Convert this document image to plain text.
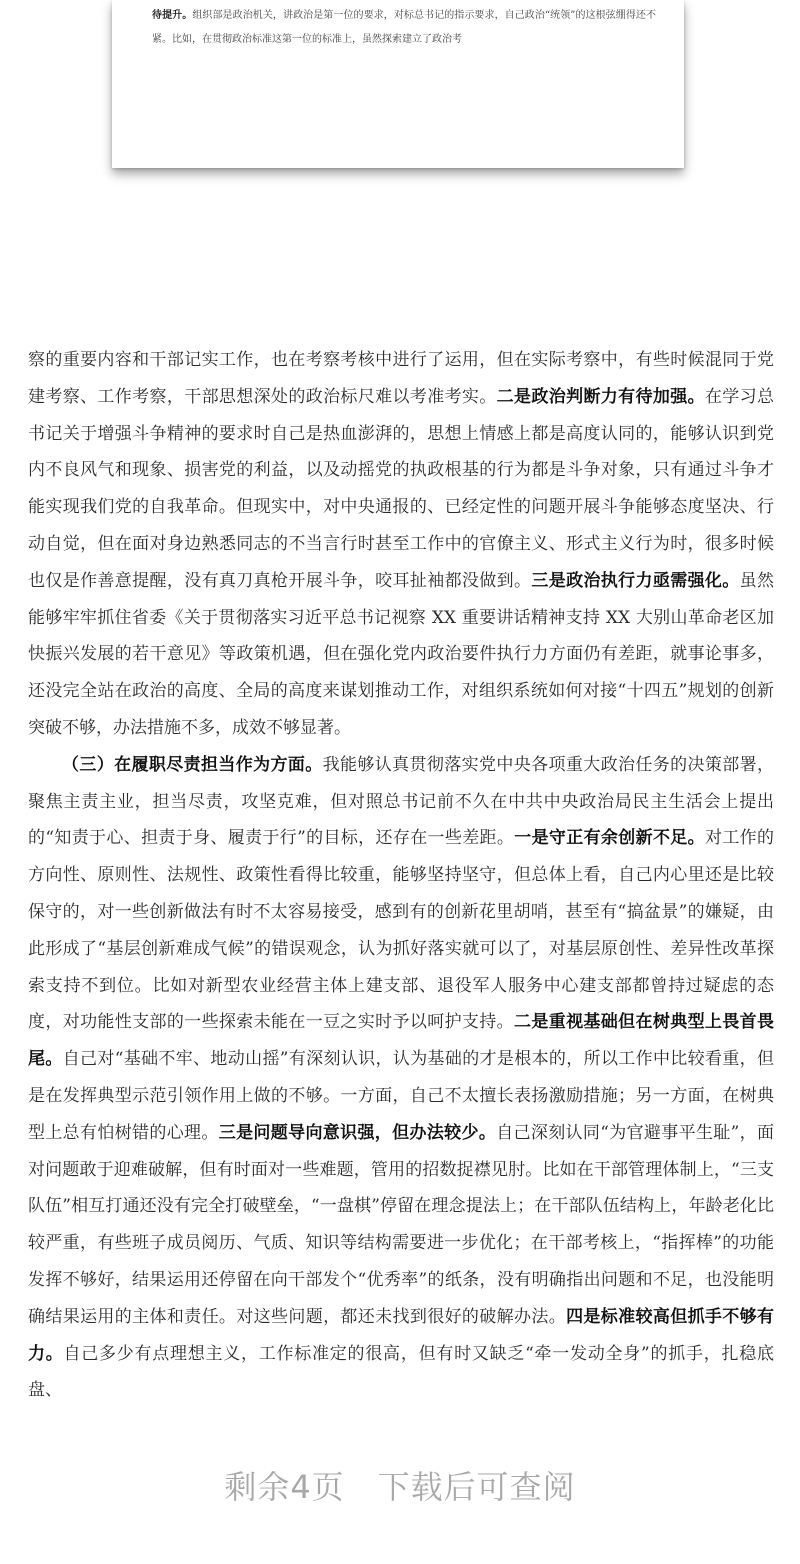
待提升。组织部是政治机关，讲政治是第一位的要求，对标总书记的指示要求，自己政治“统领”的这根弦绷得还不紧。比如，在贯彻政治标准这第一位的标准上，虽然探索建立了政治考

察的重要内容和干部记实工作，也在考察考核中进行了运用，但在实际考察中，有些时候混同于党建考察、工作考察，干部思想深处的政治标尺难以考准考实。二是政治判断力有待加强。在学习总书记关于增强斗争精神的要求时自己是热血澎湃的，思想上情感上都是高度认同的，能够认识到党内不良风气和现象、损害党的利益，以及动摇党的执政根基的行为都是斗争对象，只有通过斗争才能实现我们党的自我革命。但现实中，对中央通报的、已经定性的问题开展斗争能够态度坚决、行动自觉，但在面对身边熟悉同志的不当言行时甚至工作中的官僚主义、形式主义行为时，很多时候也仅是作善意提醒，没有真刀真枪开展斗争，咬耳扯袖都没做到。三是政治执行力亟需强化。虽然能够牢牢抓住省委《关于贯彻落实习近平总书记视察 XX 重要讲话精神支持 XX 大别山革命老区加快振兴发展的若干意见》等政策机遇，但在强化党内政治要件执行力方面仍有差距，就事论事多，还没完全站在政治的高度、全局的高度来谋划推动工作，对组织系统如何对接“十四五”规划的创新突破不够，办法措施不多，成效不够显著。

（三）在履职尽责担当作为方面。我能够认真贯彻落实党中央各项重大政治任务的决策部署，聚焦主责主业，担当尽责，攻坚克难，但对照总书记前不久在中共中央政治局民主生活会上提出的“知责于心、担责于身、履责于行”的目标，还存在一些差距。一是守正有余创新不足。对工作的方向性、原则性、法规性、政策性看得比较重，能够坚持坚守，但总体上看，自己内心里还是比较保守的，对一些创新做法有时不太容易接受，感到有的创新花里胡哨，甚至有“搞盆景”的嫌疑，由此形成了“基层创新难成气候”的错误观念，认为抓好落实就可以了，对基层原创性、差异性改革探索支持不到位。比如对新型农业经营主体上建支部、退役军人服务中心建支部都曾持过疑虑的态度，对功能性支部的一些探索未能在一豆之实时予以呵护支持。二是重视基础但在树典型上畏首畏尾。自己对“基础不牢、地动山摇”有深刻认识，认为基础的才是根本的，所以工作中比较看重，但是在发挥典型示范引领作用上做的不够。一方面，自己不太擅长表扬激励措施；另一方面，在树典型上总有怕树错的心理。三是问题导向意识强，但办法较少。自己深刻认同“为官避事平生耻”，面对问题敢于迎难破解，但有时面对一些难题，管用的招数捉襟见肘。比如在干部管理体制上，“三支队伍”相互打通还没有完全打破壁垒，“一盘棋”停留在理念提法上；在干部队伍结构上，年龄老化比较严重，有些班子成员阅历、气质、知识等结构需要进一步优化；在干部考核上，“指挥棒”的功能发挥不够好，结果运用还停留在向干部发个“优秀率”的纸条，没有明确指出问题和不足，也没能明确结果运用的主体和责任。对这些问题，都还未找到很好的破解办法。四是标准较高但抓手不够有力。自己多少有点理想主义，工作标准定的很高，但有时又缺乏“牵一发动全身”的抓手，扎稳底盘、

剩余4页　下载后可查阅
